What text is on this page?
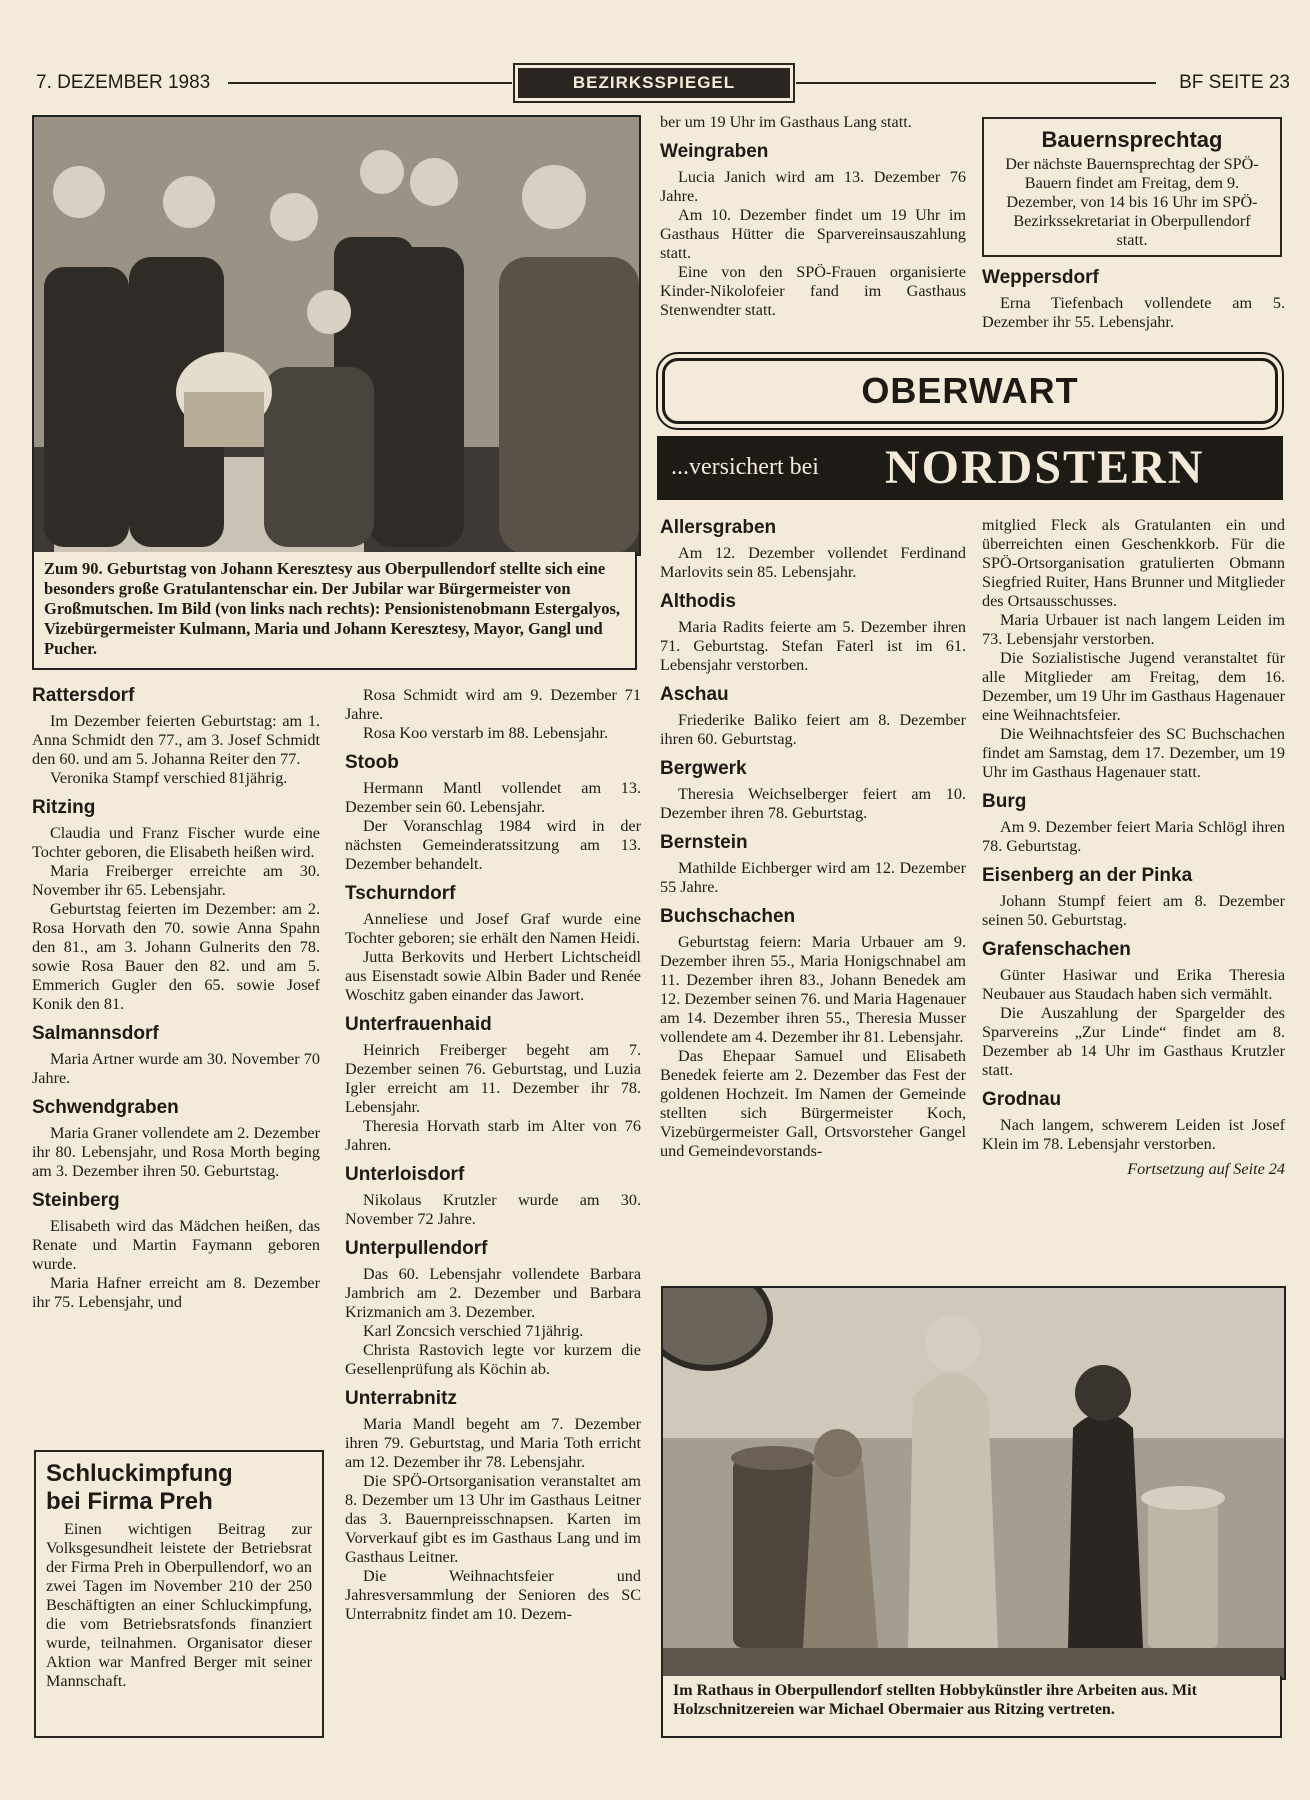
7. DEZEMBER 1983	BEZIRKSSPIEGEL	BF SEITE 23
Zum 90. Geburtstag von Johann Keresztesy aus Oberpullendorf stellte sich eine besonders große Gratulantenschar ein. Der Jubilar war Bürgermeister von Großmutschen. Im Bild (von links nach rechts): Pensionistenobmann Estergalyos, Vizebürgermeister Kulmann, Maria und Johann Keresztesy, Mayor, Gangl und Pucher.
Rattersdorf

Im Dezember feierten Geburtstag: am 1. Anna Schmidt den 77., am 3. Josef Schmidt den 60. und am 5. Johanna Reiter den 77.

Veronika Stampf verschied 81jährig.

Ritzing

Claudia und Franz Fischer wurde eine Tochter geboren, die Elisabeth heißen wird.

Maria Freiberger erreichte am 30. November ihr 65. Lebensjahr.

Geburtstag feierten im Dezember: am 2. Rosa Horvath den 70. sowie Anna Spahn den 81., am 3. Johann Gulnerits den 78. sowie Rosa Bauer den 82. und am 5. Emmerich Gugler den 65. sowie Josef Konik den 81.

Salmannsdorf

Maria Artner wurde am 30. November 70 Jahre.

Schwendgraben

Maria Graner vollendete am 2. Dezember ihr 80. Lebensjahr, und Rosa Morth beging am 3. Dezember ihren 50. Geburtstag.

Steinberg

Elisabeth wird das Mädchen heißen, das Renate und Martin Faymann geboren wurde.

Maria Hafner erreicht am 8. Dezember ihr 75. Lebensjahr, und

Schluckimpfung
bei Firma Preh

Einen wichtigen Beitrag zur Volksgesundheit leistete der Betriebsrat der Firma Preh in Oberpullendorf, wo an zwei Tagen im November 210 der 250 Beschäftigten an einer Schluckimpfung, die vom Betriebsratsfonds finanziert wurde, teilnahmen. Organisator dieser Aktion war Manfred Berger mit seiner Mannschaft.

Rosa Schmidt wird am 9. Dezember 71 Jahre.

Rosa Koo verstarb im 88. Lebensjahr.

Stoob

Hermann Mantl vollendet am 13. Dezember sein 60. Lebensjahr.

Der Voranschlag 1984 wird in der nächsten Gemeinderatssitzung am 13. Dezember behandelt.

Tschurndorf

Anneliese und Josef Graf wurde eine Tochter geboren; sie erhält den Namen Heidi.

Jutta Berkovits und Herbert Lichtscheidl aus Eisenstadt sowie Albin Bader und Renée Woschitz gaben einander das Jawort.

Unterfrauenhaid

Heinrich Freiberger begeht am 7. Dezember seinen 76. Geburtstag, und Luzia Igler erreicht am 11. Dezember ihr 78. Lebensjahr.

Theresia Horvath starb im Alter von 76 Jahren.

Unterloisdorf

Nikolaus Krutzler wurde am 30. November 72 Jahre.

Unterpullendorf

Das 60. Lebensjahr vollendete Barbara Jambrich am 2. Dezember und Barbara Krizmanich am 3. Dezember.

Karl Zoncsich verschied 71jährig.

Christa Rastovich legte vor kurzem die Gesellenprüfung als Köchin ab.

Unterrabnitz

Maria Mandl begeht am 7. Dezember ihren 79. Geburtstag, und Maria Toth erricht am 12. Dezember ihr 78. Lebensjahr.

Die SPÖ-Ortsorganisation veranstaltet am 8. Dezember um 13 Uhr im Gasthaus Leitner das 3. Bauernpreisschnapsen. Karten im Vorverkauf gibt es im Gasthaus Lang und im Gasthaus Leitner.

Die Weihnachtsfeier und Jahresversammlung der Senioren des SC Unterrabnitz findet am 10. Dezem-

ber um 19 Uhr im Gasthaus Lang statt.

Weingraben

Lucia Janich wird am 13. Dezember 76 Jahre.

Am 10. Dezember findet um 19 Uhr im Gasthaus Hütter die Sparvereinsauszahlung statt.

Eine von den SPÖ-Frauen organisierte Kinder-Nikolofeier fand im Gasthaus Stenwendter statt.

Bauernsprechtag

Der nächste Bauernsprechtag der SPÖ-Bauern findet am Freitag, dem 9. Dezember, von 14 bis 16 Uhr im SPÖ-Bezirkssekretariat in Oberpullendorf statt.

Weppersdorf

Erna Tiefenbach vollendete am 5. Dezember ihr 55. Lebensjahr.

OBERWART
...versichert bei NORDSTERN
Allersgraben

Am 12. Dezember vollendet Ferdinand Marlovits sein 85. Lebensjahr.

Althodis

Maria Radits feierte am 5. Dezember ihren 71. Geburtstag. Stefan Faterl ist im 61. Lebensjahr verstorben.

Aschau

Friederike Baliko feiert am 8. Dezember ihren 60. Geburtstag.

Bergwerk

Theresia Weichselberger feiert am 10. Dezember ihren 78. Geburtstag.

Bernstein

Mathilde Eichberger wird am 12. Dezember 55 Jahre.

Buchschachen

Geburtstag feiern: Maria Urbauer am 9. Dezember ihren 55., Maria Honigschnabel am 11. Dezember ihren 83., Johann Benedek am 12. Dezember seinen 76. und Maria Hagenauer am 14. Dezember ihren 55., Theresia Musser vollendete am 4. Dezember ihr 81. Lebensjahr.

Das Ehepaar Samuel und Elisabeth Benedek feierte am 2. Dezember das Fest der goldenen Hochzeit. Im Namen der Gemeinde stellten sich Bürgermeister Koch, Vizebürgermeister Gall, Ortsvorsteher Gangel und Gemeindevorstands-

mitglied Fleck als Gratulanten ein und überreichten einen Geschenkkorb. Für die SPÖ-Ortsorganisation gratulierten Obmann Siegfried Ruiter, Hans Brunner und Mitglieder des Ortsausschusses.

Maria Urbauer ist nach langem Leiden im 73. Lebensjahr verstorben.

Die Sozialistische Jugend veranstaltet für alle Mitglieder am Freitag, dem 16. Dezember, um 19 Uhr im Gasthaus Hagenauer eine Weihnachtsfeier.

Die Weihnachtsfeier des SC Buchschachen findet am Samstag, dem 17. Dezember, um 19 Uhr im Gasthaus Hagenauer statt.

Burg

Am 9. Dezember feiert Maria Schlögl ihren 78. Geburtstag.

Eisenberg an der Pinka

Johann Stumpf feiert am 8. Dezember seinen 50. Geburtstag.

Grafenschachen

Günter Hasiwar und Erika Theresia Neubauer aus Staudach haben sich vermählt.

Die Auszahlung der Spargelder des Sparvereins „Zur Linde“ findet am 8. Dezember ab 14 Uhr im Gasthaus Krutzler statt.

Grodnau

Nach langem, schwerem Leiden ist Josef Klein im 78. Lebensjahr verstorben.

Fortsetzung auf Seite 24

Im Rathaus in Oberpullendorf stellten Hobbykünstler ihre Arbeiten aus. Mit Holzschnitzereien war Michael Obermaier aus Ritzing vertreten.
